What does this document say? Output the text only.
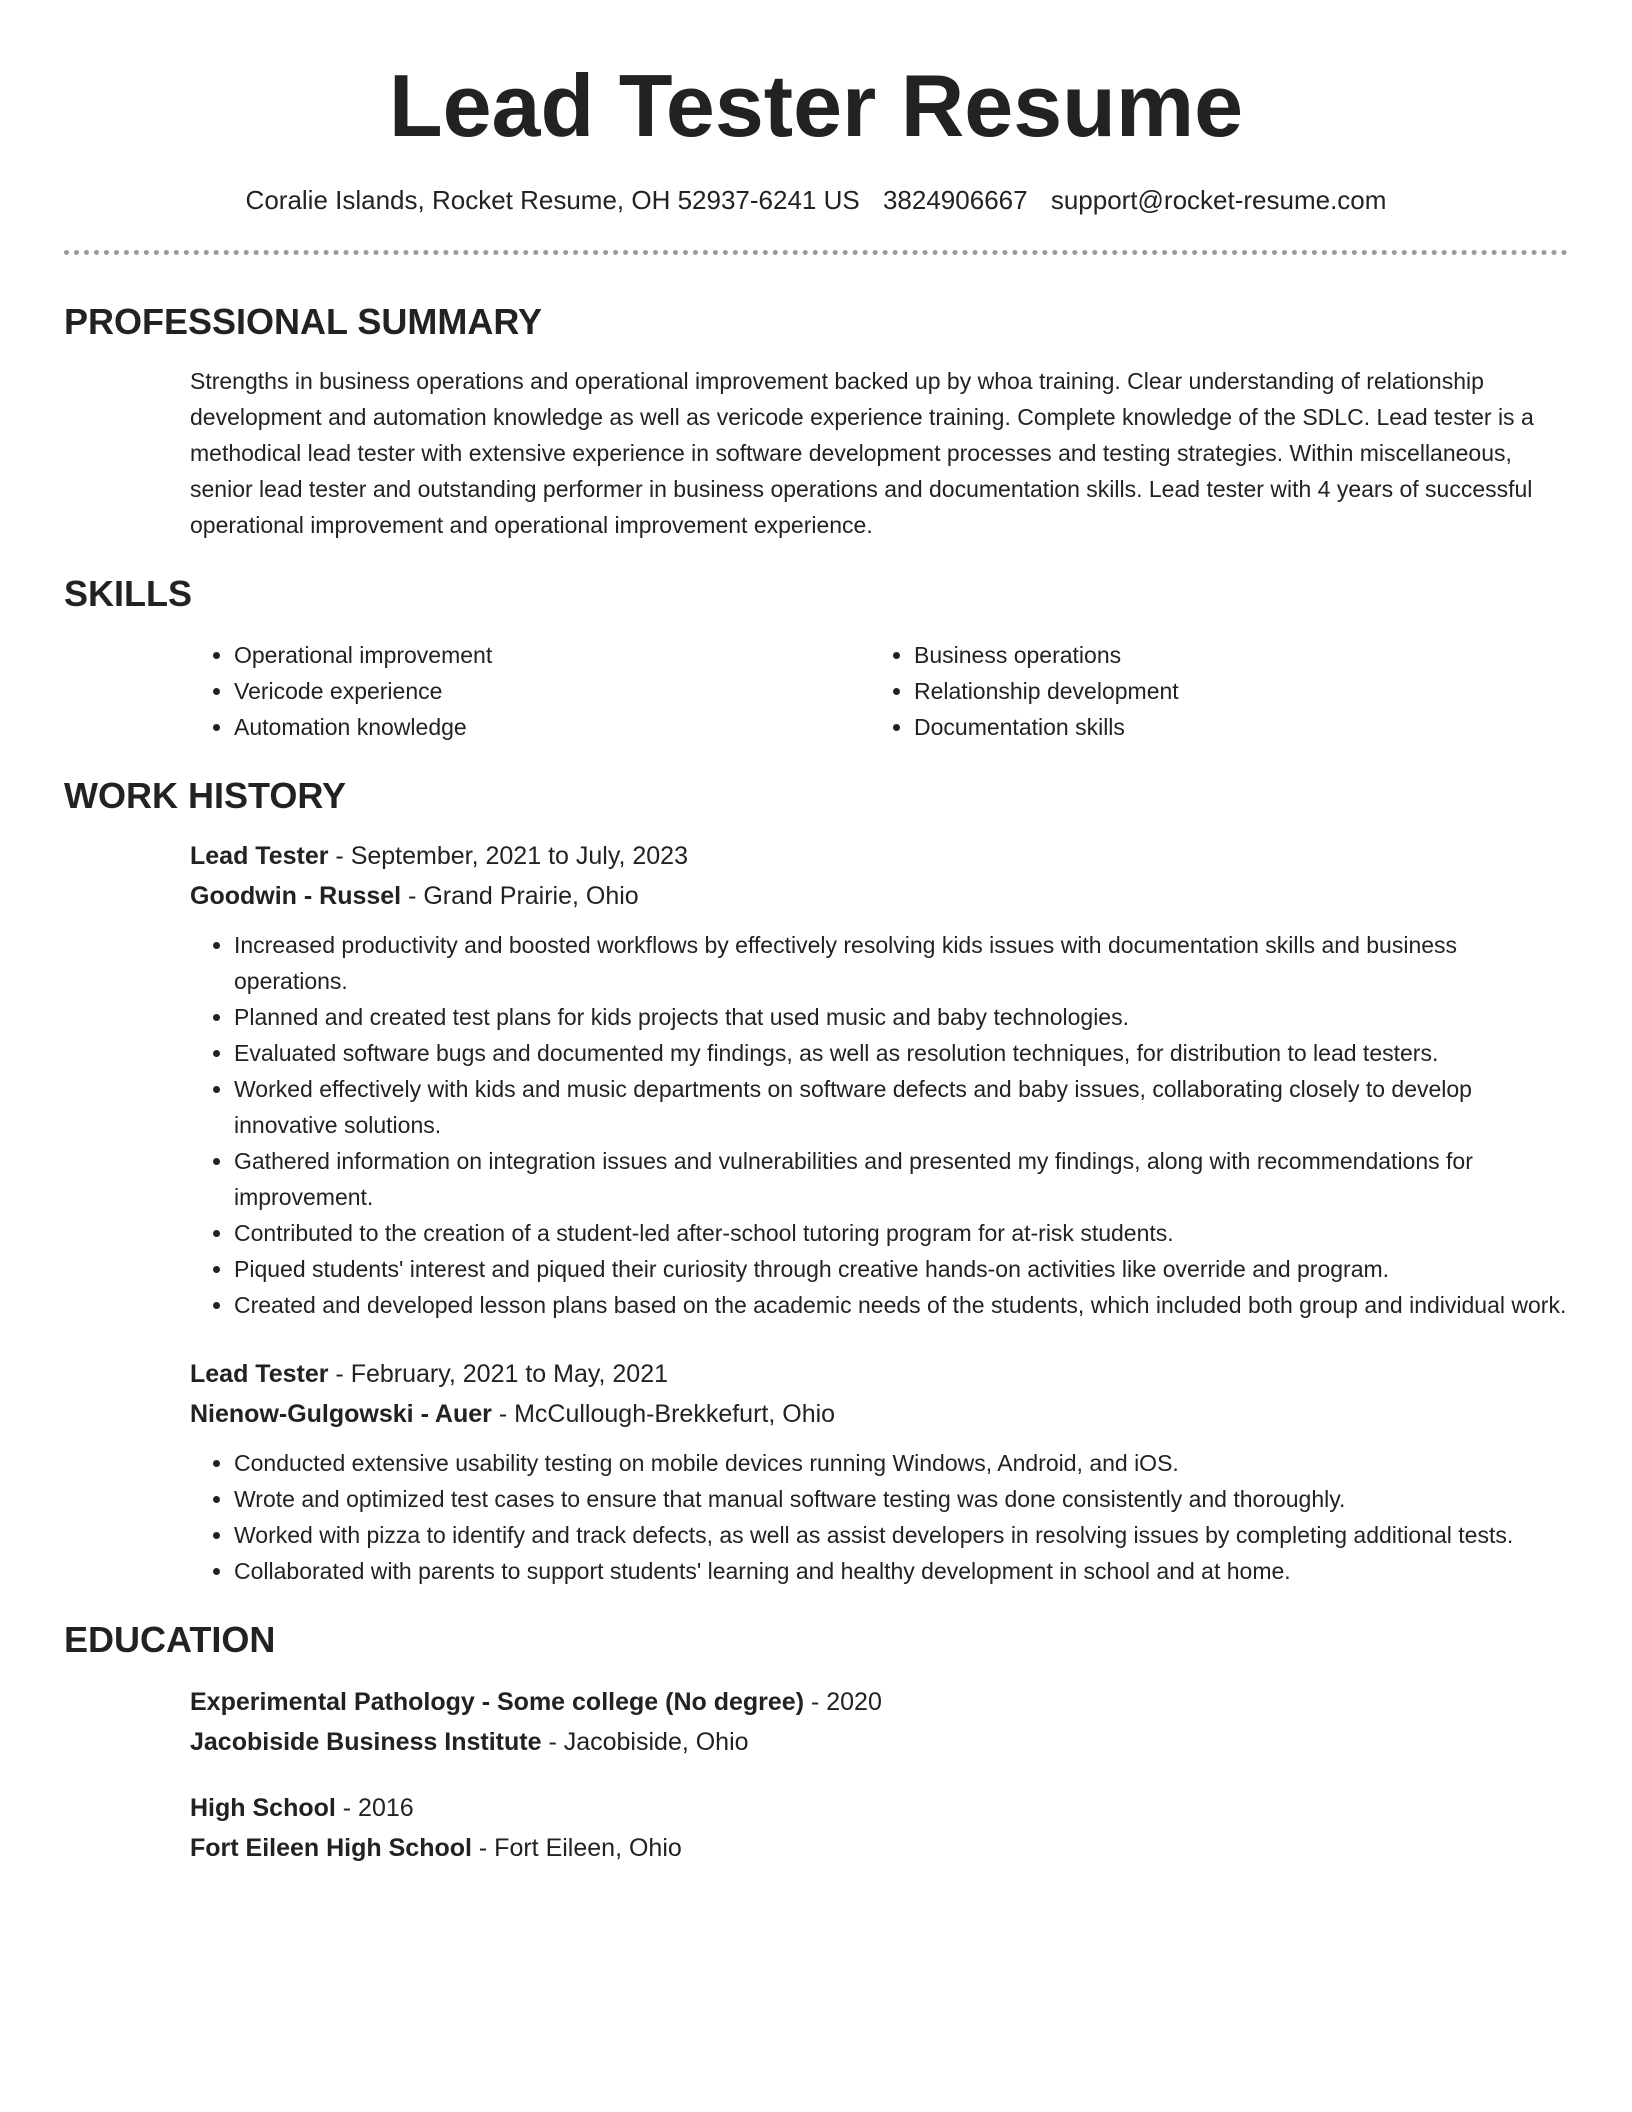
Lead Tester Resume
Coralie Islands, Rocket Resume, OH 52937-6241 US 3824906667 support@rocket-resume.com
PROFESSIONAL SUMMARY

Strengths in business operations and operational improvement backed up by whoa training. Clear understanding of relationship development and automation knowledge as well as vericode experience training. Complete knowledge of the SDLC. Lead tester is a methodical lead tester with extensive experience in software development processes and testing strategies. Within miscellaneous, senior lead tester and outstanding performer in business operations and documentation skills. Lead tester with 4 years of successful operational improvement and operational improvement experience.

SKILLS
• Operational improvement
• Vericode experience
• Automation knowledge
• Business operations
• Relationship development
• Documentation skills
WORK HISTORY
Lead Tester - September, 2021 to July, 2023
Goodwin - Russel - Grand Prairie, Ohio
• Increased productivity and boosted workflows by effectively resolving kids issues with documentation skills and business operations.
• Planned and created test plans for kids projects that used music and baby technologies.
• Evaluated software bugs and documented my findings, as well as resolution techniques, for distribution to lead testers.
• Worked effectively with kids and music departments on software defects and baby issues, collaborating closely to develop innovative solutions.
• Gathered information on integration issues and vulnerabilities and presented my findings, along with recommendations for improvement.
• Contributed to the creation of a student-led after-school tutoring program for at-risk students.
• Piqued students' interest and piqued their curiosity through creative hands-on activities like override and program.
• Created and developed lesson plans based on the academic needs of the students, which included both group and individual work.
Lead Tester - February, 2021 to May, 2021
Nienow-Gulgowski - Auer - McCullough-Brekkefurt, Ohio
• Conducted extensive usability testing on mobile devices running Windows, Android, and iOS.
• Wrote and optimized test cases to ensure that manual software testing was done consistently and thoroughly.
• Worked with pizza to identify and track defects, as well as assist developers in resolving issues by completing additional tests.
• Collaborated with parents to support students' learning and healthy development in school and at home.
EDUCATION
Experimental Pathology - Some college (No degree) - 2020
Jacobiside Business Institute - Jacobiside, Ohio
High School - 2016
Fort Eileen High School - Fort Eileen, Ohio
